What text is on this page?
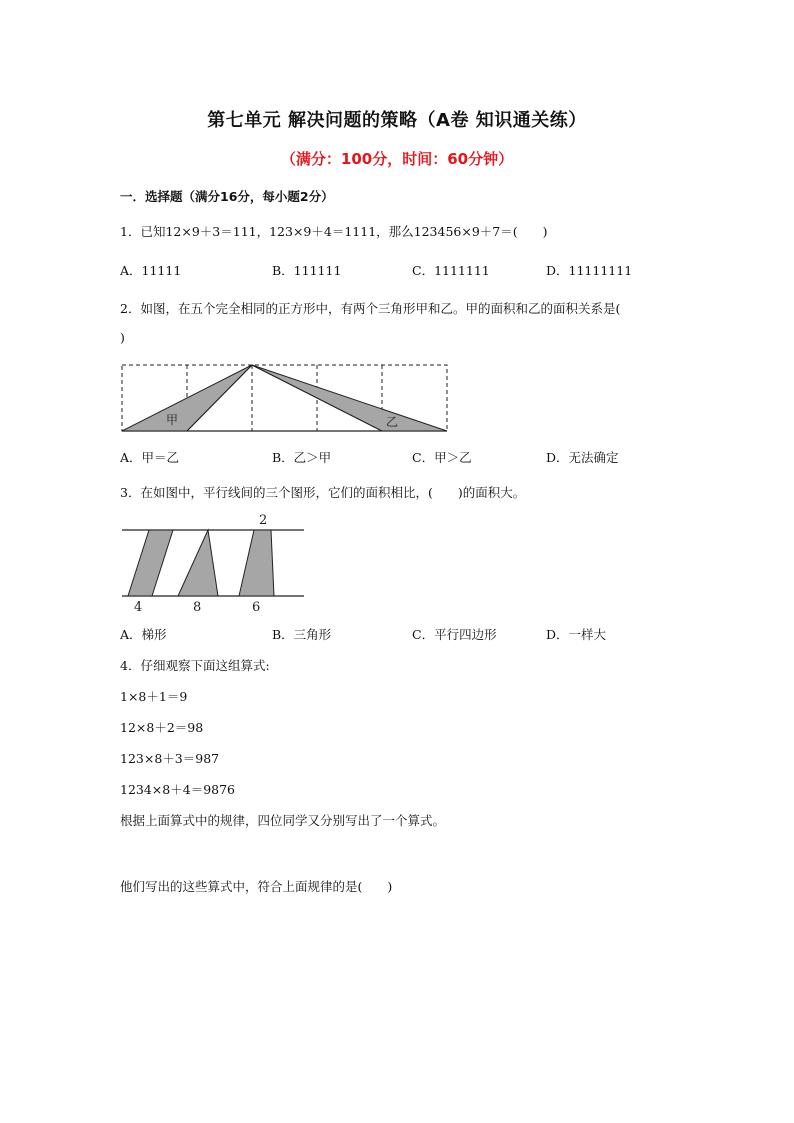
第七单元 解决问题的策略（A卷 知识通关练）
（满分：100分，时间：60分钟）
一．选择题（满分16分，每小题2分）
1．已知12×9＋3＝111，123×9＋4＝1111，那么123456×9＋7＝(　　)
A．11111	B．111111	C．1111111	D．11111111
2．如图，在五个完全相同的正方形中，有两个三角形甲和乙。甲的面积和乙的面积关系是(
)
甲	乙
A．甲＝乙	B．乙＞甲	C．甲＞乙	D．无法确定
3．在如图中，平行线间的三个图形，它们的面积相比，(　　)的面积大。
2
4	8	6
A．梯形	B．三角形	C．平行四边形	D．一样大
4．仔细观察下面这组算式:
1×8＋1＝9
12×8＋2＝98
123×8＋3＝987
1234×8＋4＝9876
根据上面算式中的规律，四位同学又分别写出了一个算式。
他们写出的这些算式中，符合上面规律的是(　　)
